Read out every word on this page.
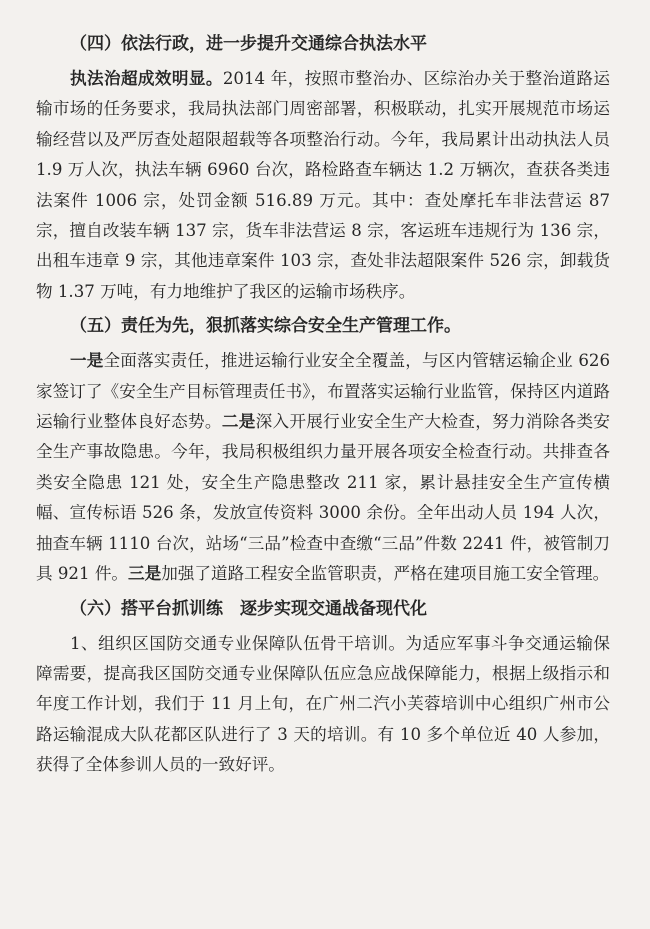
（四）依法行政，进一步提升交通综合执法水平

执法治超成效明显。2014 年，按照市整治办、区综治办关于整治道路运输市场的任务要求，我局执法部门周密部署，积极联动，扎实开展规范市场运输经营以及严厉查处超限超载等各项整治行动。今年，我局累计出动执法人员 1.9 万人次，执法车辆 6960 台次，路检路查车辆达 1.2 万辆次，查获各类违法案件 1006 宗，处罚金额 516.89 万元。其中：查处摩托车非法营运 87 宗，擅自改装车辆 137 宗，货车非法营运 8 宗，客运班车违规行为 136 宗，出租车违章 9 宗，其他违章案件 103 宗，查处非法超限案件 526 宗，卸载货物 1.37 万吨，有力地维护了我区的运输市场秩序。

（五）责任为先，狠抓落实综合安全生产管理工作。

一是全面落实责任，推进运输行业安全全覆盖，与区内管辖运输企业 626 家签订了《安全生产目标管理责任书》，布置落实运输行业监管，保持区内道路运输行业整体良好态势。二是深入开展行业安全生产大检查，努力消除各类安全生产事故隐患。今年，我局积极组织力量开展各项安全检查行动。共排查各类安全隐患 121 处，安全生产隐患整改 211 家，累计悬挂安全生产宣传横幅、宣传标语 526 条，发放宣传资料 3000 余份。全年出动人员 194 人次，抽查车辆 1110 台次，站场“三品”检查中查缴“三品”件数 2241 件，被管制刀具 921 件。三是加强了道路工程安全监管职责，严格在建项目施工安全管理。

（六）搭平台抓训练　逐步实现交通战备现代化

1、组织区国防交通专业保障队伍骨干培训。为适应军事斗争交通运输保障需要，提高我区国防交通专业保障队伍应急应战保障能力，根据上级指示和年度工作计划，我们于 11 月上旬，在广州二汽小芙蓉培训中心组织广州市公路运输混成大队花都区队进行了 3 天的培训。有 10 多个单位近 40 人参加，获得了全体参训人员的一致好评。
